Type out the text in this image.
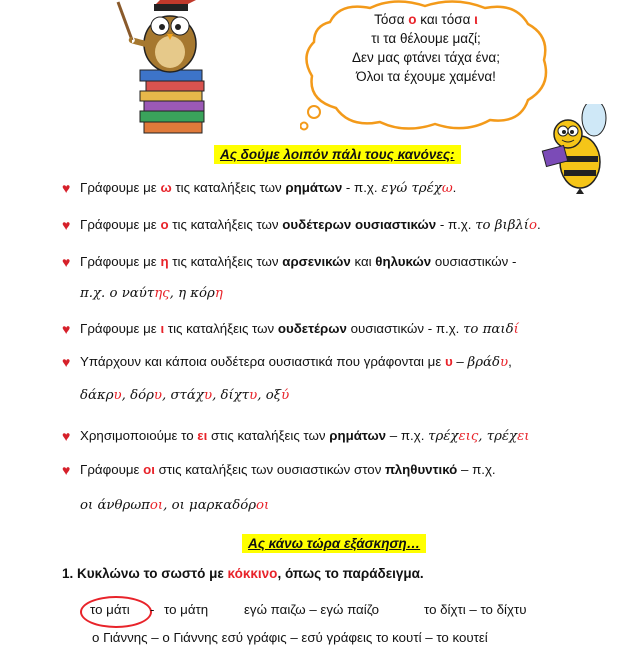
Τόσα ο και τόσα ι
τι τα θέλουμε μαζί;
Δεν μας φτάνει τάχα ένα;
Όλοι τα έχουμε χαμένα!
Ας δούμε λοιπόν πάλι τους κανόνες:
♥ Γράφουμε με ω τις καταλήξεις των ρημάτων - π.χ. εγώ τρέχω.
♥ Γράφουμε με ο τις καταλήξεις των ουδέτερων ουσιαστικών - π.χ. το βιβλίο.
♥ Γράφουμε με η τις καταλήξεις των αρσενικών και θηλυκών ουσιαστικών -
π.χ. ο ναύτης, η κόρη
♥ Γράφουμε με ι τις καταλήξεις των ουδετέρων ουσιαστικών - π.χ. το παιδί
♥ Υπάρχουν και κάποια ουδέτερα ουσιαστικά που γράφονται με υ – βράδυ,
δάκρυ, δόρυ, στάχυ, δίχτυ, οξύ
♥ Χρησιμοποιούμε το ει στις καταλήξεις των ρημάτων – π.χ. τρέχεις, τρέχει
♥ Γράφουμε οι στις καταλήξεις των ουσιαστικών στον πληθυντικό – π.χ.
οι άνθρωποι, οι μαρκαδόροι
Ας κάνω τώρα εξάσκηση…
1. Κυκλώνω το σωστό με κόκκινο, όπως το παράδειγμα.
το μάτι - το μάτη	εγώ παιζω – εγώ παίζο	το δίχτι – το δίχτυ
ο Γιάννης – ο Γιάννης εσύ γράφις – εσύ γράφεις το κουτί – το κουτεί
